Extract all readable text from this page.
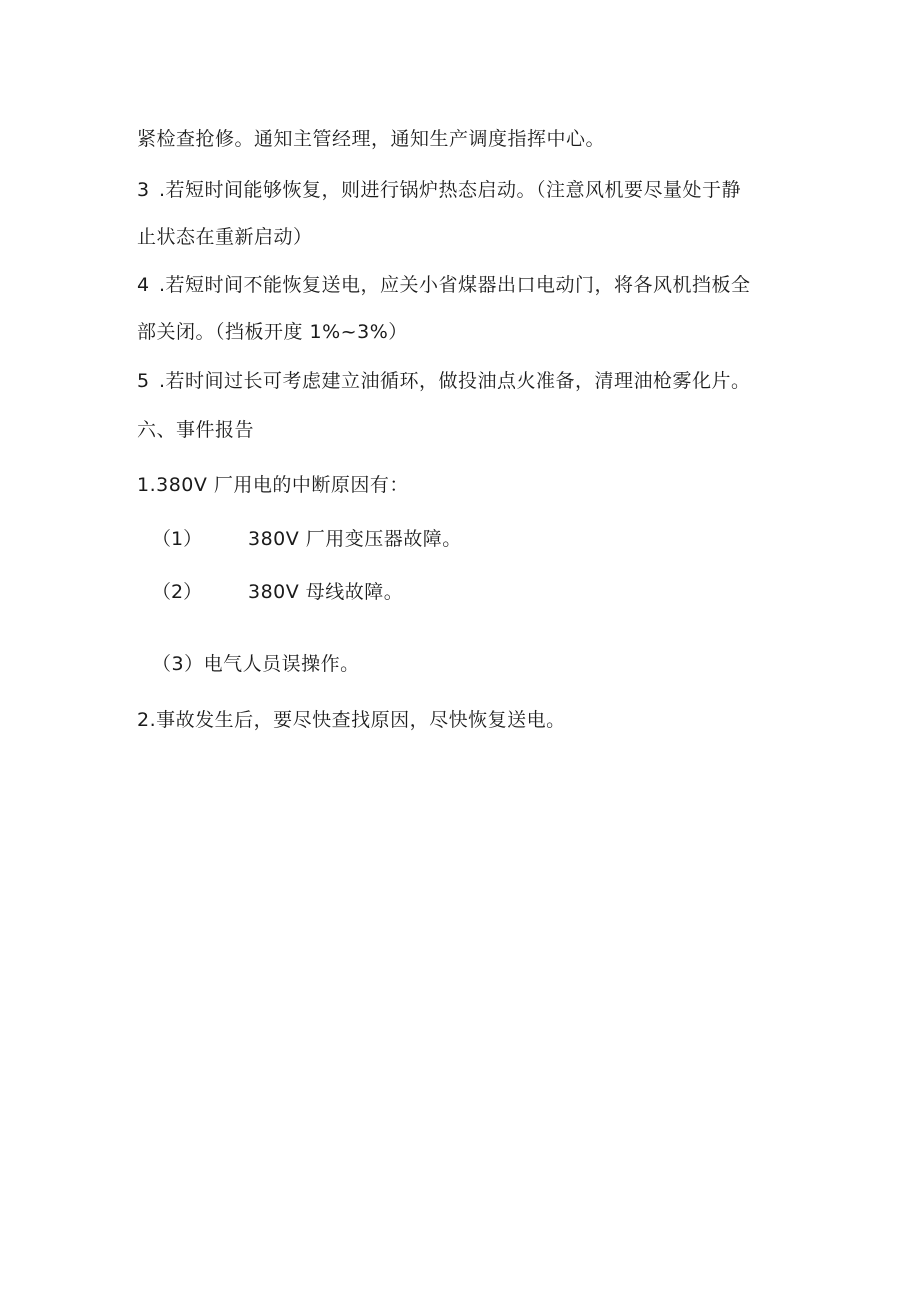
紧检查抢修。通知主管经理，通知生产调度指挥中心。
3 .若短时间能够恢复，则进行锅炉热态启动。（注意风机要尽量处于静
止状态在重新启动）
4 .若短时间不能恢复送电，应关小省煤器出口电动门，将各风机挡板全
部关闭。（挡板开度 1%~3%）
5 .若时间过长可考虑建立油循环，做投油点火准备，清理油枪雾化片。
六、事件报告
1.380V 厂用电的中断原因有：
（1） 380V 厂用变压器故障。
（2） 380V 母线故障。
（3）电气人员误操作。
2.事故发生后，要尽快查找原因，尽快恢复送电。
